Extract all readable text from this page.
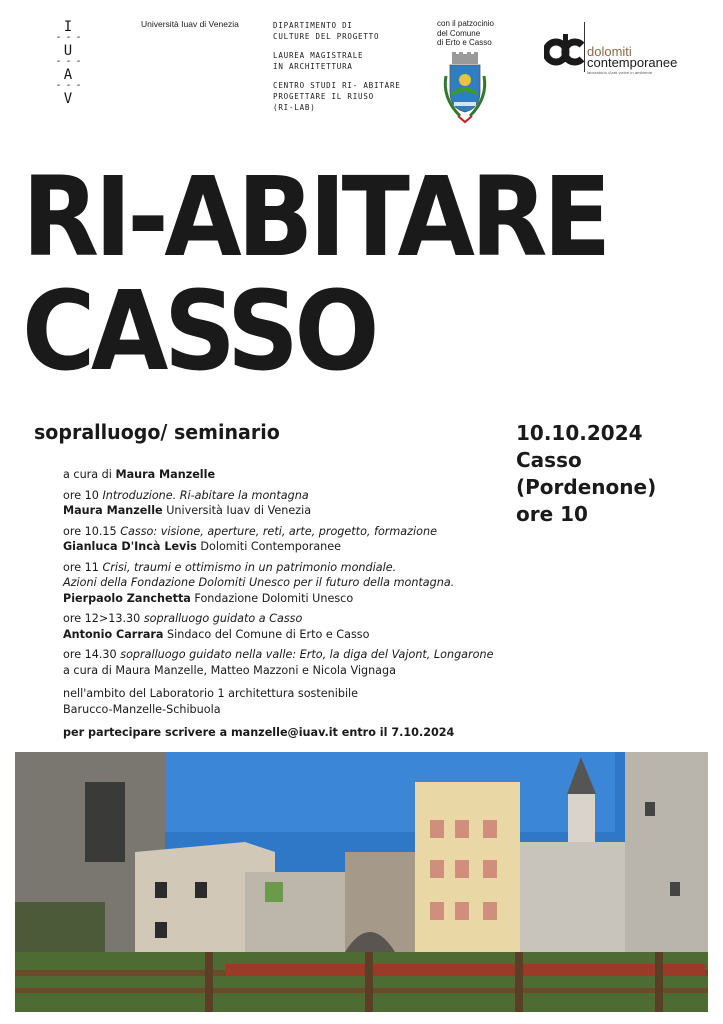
I
- - -
U
- - -
A
- - -
V
Università Iuav di Venezia	DIPARTIMENTO DI
CULTURE DEL PROGETTO
LAUREA MAGISTRALE
IN ARCHITETTURA
CENTRO STUDI RI- ABITARE
PROGETTARE IL RIUSO
(RI-LAB)
con il patzocinio
del Comune
di Erto e Casso
dolomiti
contemporanee
laboratorio d'arti visive in ambiente
RI-ABITARE
CASSO
sopralluogo/ seminario	10.10.2024
Casso
(Pordenone)
ore 10
a cura di Maura Manzelle
ore 10 Introduzione. Ri-abitare la montagna
Maura Manzelle Università Iuav di Venezia
ore 10.15 Casso: visione, aperture, reti, arte, progetto, formazione
Gianluca D'Incà Levis Dolomiti Contemporanee
ore 11 Crisi, traumi e ottimismo in un patrimonio mondiale.
Azioni della Fondazione Dolomiti Unesco per il futuro della montagna.
Pierpaolo Zanchetta Fondazione Dolomiti Unesco
ore 12>13.30 sopralluogo guidato a Casso
Antonio Carrara Sindaco del Comune di Erto e Casso
ore 14.30 sopralluogo guidato nella valle: Erto, la diga del Vajont, Longarone
a cura di Maura Manzelle, Matteo Mazzoni e Nicola Vignaga
nell'ambito del Laboratorio 1 architettura sostenibile
Barucco-Manzelle-Schibuola
per partecipare scrivere a manzelle@iuav.it entro il 7.10.2024
